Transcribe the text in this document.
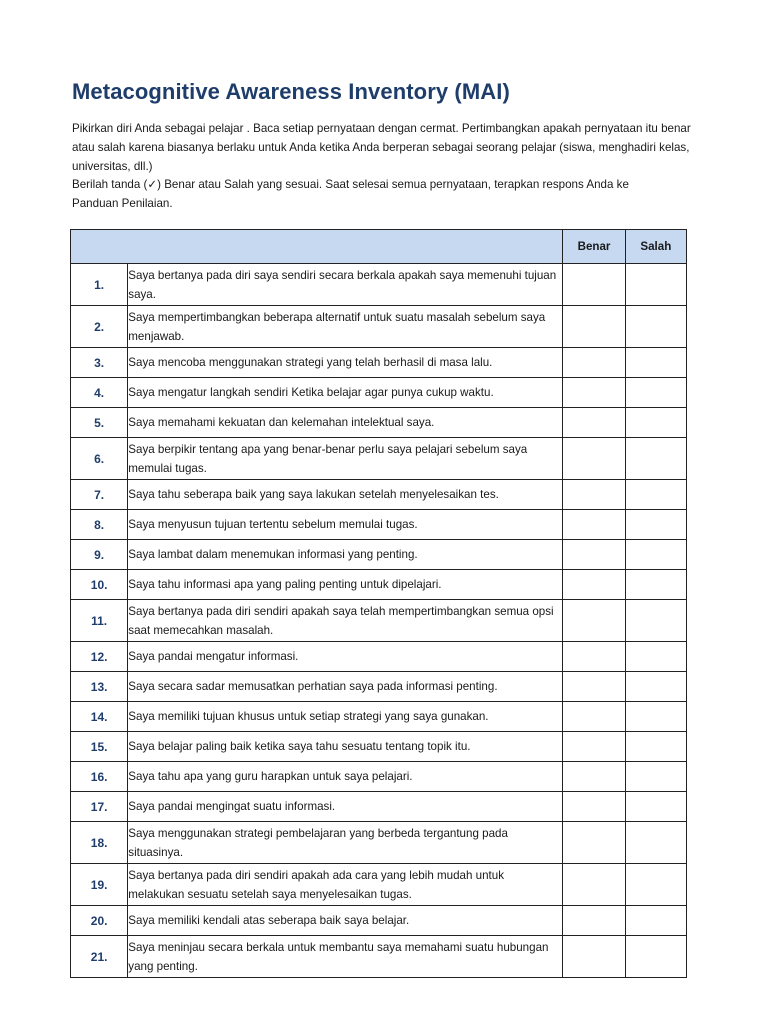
Metacognitive Awareness Inventory (MAI)

Pikirkan diri Anda sebagai pelajar . Baca setiap pernyataan dengan cermat. Pertimbangkan apakah pernyataan itu benar atau salah karena biasanya berlaku untuk Anda ketika Anda berperan sebagai seorang pelajar (siswa, menghadiri kelas, universitas, dll.)

Berilah tanda (✓) Benar atau Salah yang sesuai. Saat selesai semua pernyataan, terapkan respons Anda ke Panduan Penilaian.

		Benar	Salah
1.	Saya bertanya pada diri saya sendiri secara berkala apakah saya memenuhi tujuan saya.		
2.	Saya mempertimbangkan beberapa alternatif untuk suatu masalah sebelum saya menjawab.		
3.	Saya mencoba menggunakan strategi yang telah berhasil di masa lalu.		
4.	Saya mengatur langkah sendiri Ketika belajar agar punya cukup waktu.		
5.	Saya memahami kekuatan dan kelemahan intelektual saya.		
6.	Saya berpikir tentang apa yang benar-benar perlu saya pelajari sebelum saya memulai tugas.		
7.	Saya tahu seberapa baik yang saya lakukan setelah menyelesaikan tes.		
8.	Saya menyusun tujuan tertentu sebelum memulai tugas.		
9.	Saya lambat dalam menemukan informasi yang penting.		
10.	Saya tahu informasi apa yang paling penting untuk dipelajari.		
11.	Saya bertanya pada diri sendiri apakah saya telah mempertimbangkan semua opsi saat memecahkan masalah.		
12.	Saya pandai mengatur informasi.		
13.	Saya secara sadar memusatkan perhatian saya pada informasi penting.		
14.	Saya memiliki tujuan khusus untuk setiap strategi yang saya gunakan.		
15.	Saya belajar paling baik ketika saya tahu sesuatu tentang topik itu.		
16.	Saya tahu apa yang guru harapkan untuk saya pelajari.		
17.	Saya pandai mengingat suatu informasi.		
18.	Saya menggunakan strategi pembelajaran yang berbeda tergantung pada situasinya.		
19.	Saya bertanya pada diri sendiri apakah ada cara yang lebih mudah untuk melakukan sesuatu setelah saya menyelesaikan tugas.		
20.	Saya memiliki kendali atas seberapa baik saya belajar.		
21.	Saya meninjau secara berkala untuk membantu saya memahami suatu hubungan yang penting.		
